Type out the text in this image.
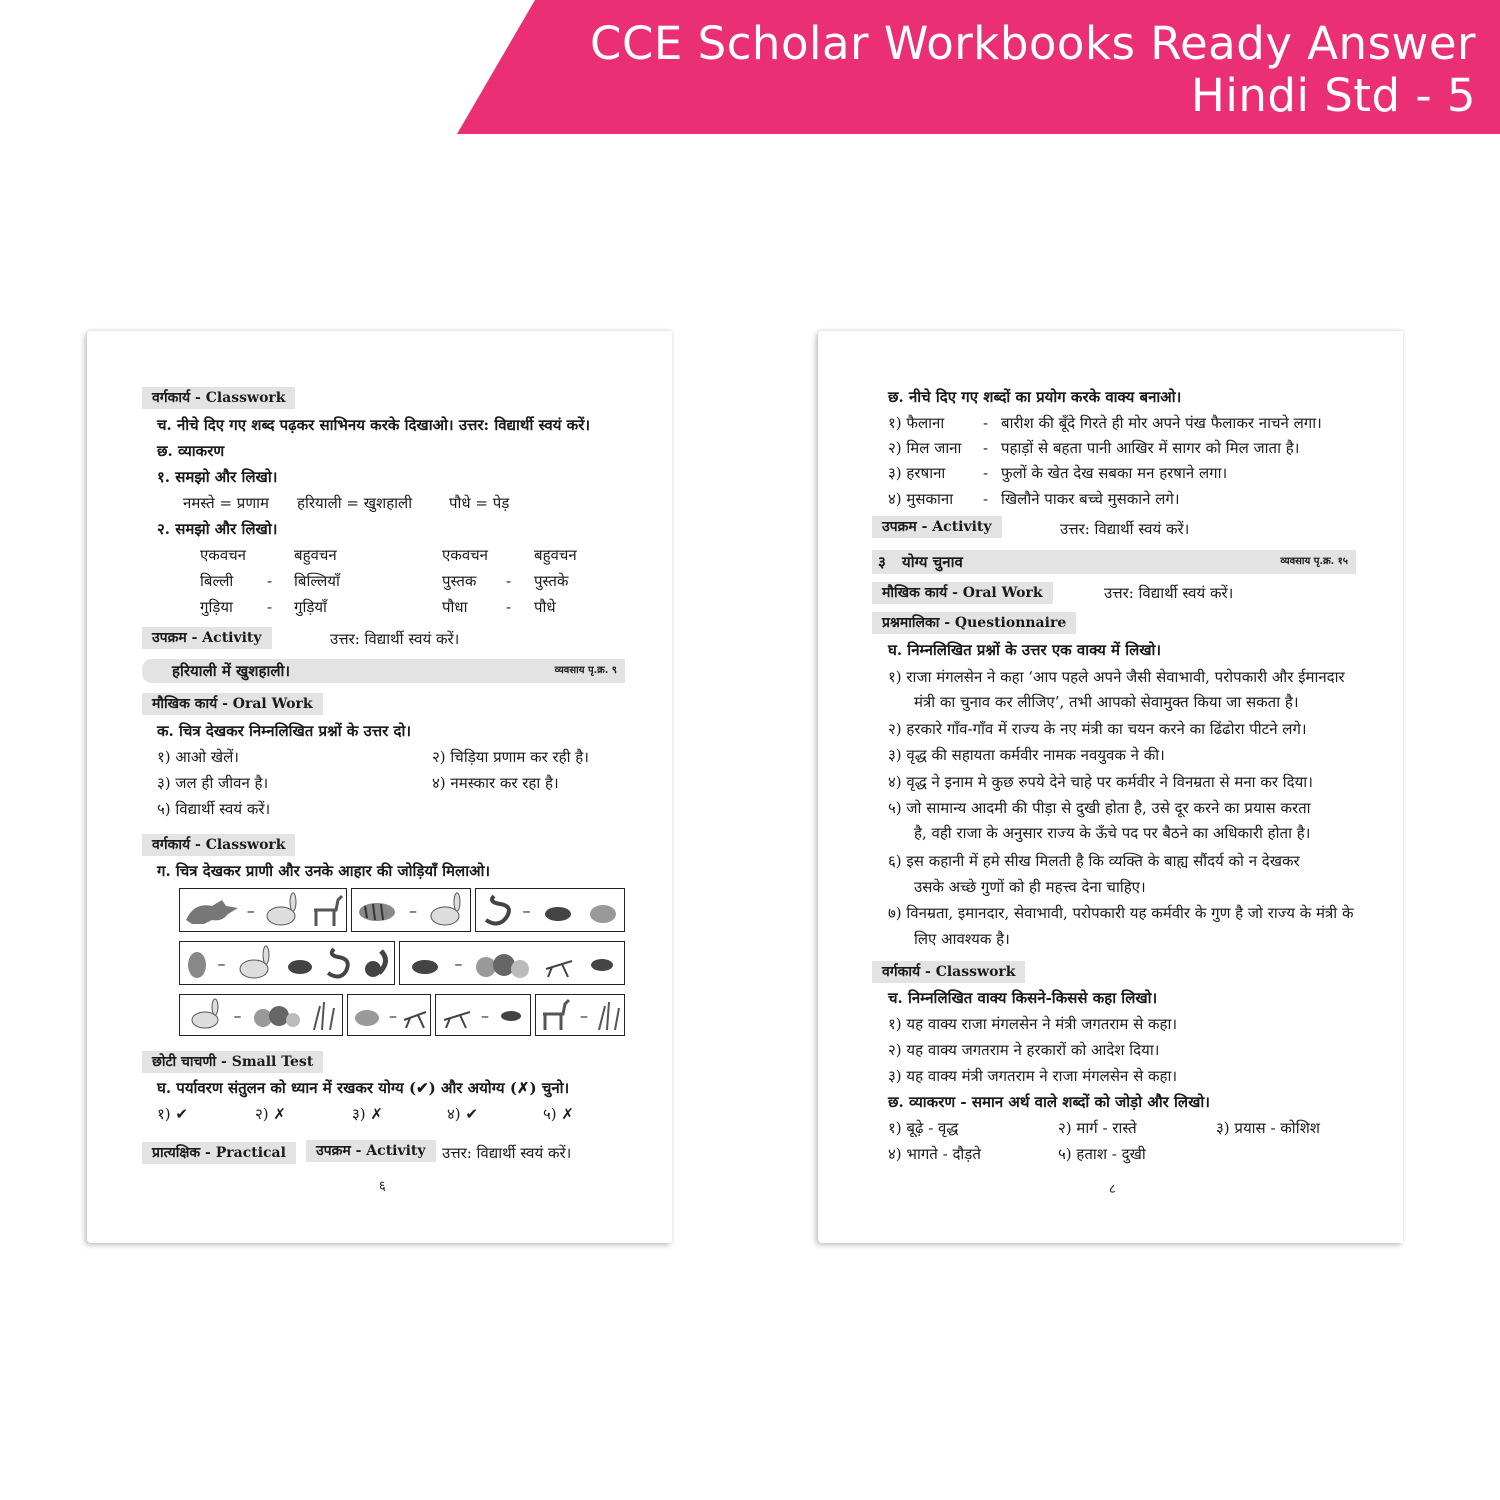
CCE Scholar Workbooks Ready Answer
Hindi Std - 5
वर्गकार्य - Classwork
च. नीचे दिए गए शब्द पढ़कर साभिनय करके दिखाओ। उत्तर: विद्यार्थी स्वयं करें।
छ. व्याकरण
१. समझो और लिखो।
नमस्ते = प्रणाम हरियाली = खुशहाली पौधे = पेड़
२. समझो और लिखो।
एकवचन	बहुवचन	एकवचन	बहुवचन
बिल्ली - बिल्लियाँ	पुस्तक - पुस्तके
गुड़िया - गुड़ियाँ	पौधा	- पौधे
उपक्रम - Activity	उत्तर: विद्यार्थी स्वयं करें।
हरियाली में खुशहाली।	व्यवसाय पृ.क्र. ९
मौखिक कार्य - Oral Work
क. चित्र देखकर निम्नलिखित प्रश्नों के उत्तर दो।
१) आओ खेलें।	२) चिड़िया प्रणाम कर रही है।
३) जल ही जीवन है।	४) नमस्कार कर रहा है।
५) विद्यार्थी स्वयं करें।
वर्गकार्य - Classwork
ग. चित्र देखकर प्राणी और उनके आहार की जोड़ियाँ मिलाओ।
–	–	–
–	–
–	–	–	–
छोटी चाचणी - Small Test
घ. पर्यावरण संतुलन को ध्यान में रखकर योग्य (✔) और अयोग्य (✗) चुनो।
१) ✔	२) ✗	३) ✗	४) ✔	५) ✗
प्रात्यक्षिक - Practical	उपक्रम - Activity	उत्तर: विद्यार्थी स्वयं करें।
६
छ. नीचे दिए गए शब्दों का प्रयोग करके वाक्य बनाओ।
१) फैलाना	- बारीश की बूँदे गिरते ही मोर अपने पंख फैलाकर नाचने लगा।
२) मिल जाना - पहाड़ों से बहता पानी आखिर में सागर को मिल जाता है।
३) हरषाना	- फुलों के खेत देख सबका मन हरषाने लगा।
४) मुसकाना - खिलौने पाकर बच्चे मुसकाने लगे।
उपक्रम - Activity	उत्तर: विद्यार्थी स्वयं करें।
३ योग्य चुनाव	व्यवसाय पृ.क्र. १५
मौखिक कार्य - Oral Work	उत्तर: विद्यार्थी स्वयं करें।
प्रश्नमालिका - Questionnaire
घ. निम्नलिखित प्रश्नों के उत्तर एक वाक्य में लिखो।
१) राजा मंगलसेन ने कहा ‘आप पहले अपने जैसी सेवाभावी, परोपकारी और ईमानदार
मंत्री का चुनाव कर लीजिए’, तभी आपको सेवामुक्त किया जा सकता है।
२) हरकारे गाँव-गाँव में राज्य के नए मंत्री का चयन करने का ढिंढोरा पीटने लगे।
३) वृद्ध की सहायता कर्मवीर नामक नवयुवक ने की।
४) वृद्ध ने इनाम मे कुछ रुपये देने चाहे पर कर्मवीर ने विनम्रता से मना कर दिया।
५) जो सामान्य आदमी की पीड़ा से दुखी होता है, उसे दूर करने का प्रयास करता
है, वही राजा के अनुसार राज्य के ऊँचे पद पर बैठने का अधिकारी होता है।
६) इस कहानी में हमे सीख मिलती है कि व्यक्ति के बाह्य सौंदर्य को न देखकर
उसके अच्छे गुणों को ही महत्त्व देना चाहिए।
७) विनम्रता, इमानदार, सेवाभावी, परोपकारी यह कर्मवीर के गुण है जो राज्य के मंत्री के
लिए आवश्यक है।
वर्गकार्य - Classwork
च. निम्नलिखित वाक्य किसने-किससे कहा लिखो।
१) यह वाक्य राजा मंगलसेन ने मंत्री जगतराम से कहा।
२) यह वाक्य जगतराम ने हरकारों को आदेश दिया।
३) यह वाक्य मंत्री जगतराम ने राजा मंगलसेन से कहा।
छ. व्याकरण - समान अर्थ वाले शब्दों को जोड़ो और लिखो।
१) बूढ़े - वृद्ध	२) मार्ग - रास्ते	३) प्रयास - कोशिश
४) भागते - दौड़ते	५) हताश - दुखी
८
